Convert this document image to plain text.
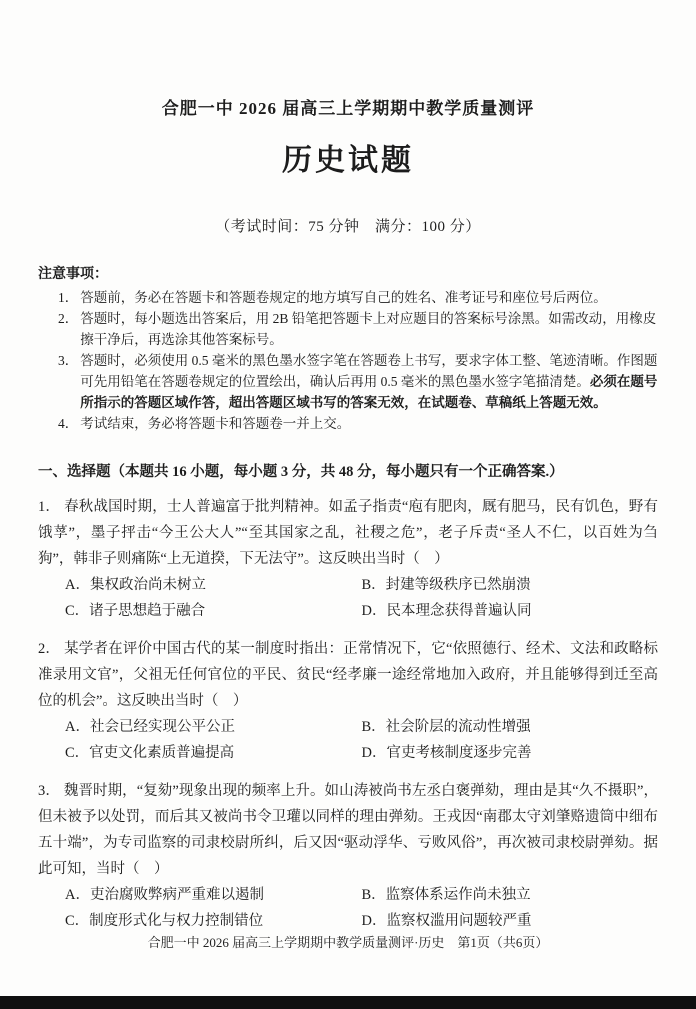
合肥一中 2026 届高三上学期期中教学质量测评
历史试题

（考试时间：75 分钟　满分：100 分）

注意事项：

1． 答题前，务必在答题卡和答题卷规定的地方填写自己的姓名、准考证号和座位号后两位。
2． 答题时，每小题选出答案后，用 2B 铅笔把答题卡上对应题目的答案标号涂黑。如需改动，用橡皮擦干净后，再选涂其他答案标号。
3． 答题时，必须使用 0.5 毫米的黑色墨水签字笔在答题卷上书写，要求字体工整、笔迹清晰。作图题可先用铅笔在答题卷规定的位置绘出，确认后再用 0.5 毫米的黑色墨水签字笔描清楚。必须在题号所指示的答题区域作答，超出答题区域书写的答案无效，在试题卷、草稿纸上答题无效。
4． 考试结束，务必将答题卡和答题卷一并上交。

一、选择题（本题共 16 小题，每小题 3 分，共 48 分，每小题只有一个正确答案.）

1． 春秋战国时期，士人普遍富于批判精神。如孟子指责“庖有肥肉，厩有肥马，民有饥色，野有饿莩”，墨子抨击“今王公大人”“至其国家之乱，社稷之危”，老子斥责“圣人不仁，以百姓为刍狗”，韩非子则痛陈“上无道揆，下无法守”。这反映出当时（　）

A．集权政治尚未树立	B．封建等级秩序已然崩溃
C．诸子思想趋于融合	D．民本理念获得普遍认同

2． 某学者在评价中国古代的某一制度时指出：正常情况下，它“依照德行、经术、文法和政略标准录用文官”，父祖无任何官位的平民、贫民“经孝廉一途经常地加入政府，并且能够得到迁至高位的机会”。这反映出当时（　）

A．社会已经实现公平公正	B．社会阶层的流动性增强
C．官吏文化素质普遍提高	D．官吏考核制度逐步完善

3． 魏晋时期，“复劾”现象出现的频率上升。如山涛被尚书左丞白褒弹劾，理由是其“久不摄职”，但未被予以处罚，而后其又被尚书令卫瓘以同样的理由弹劾。王戎因“南郡太守刘肇赂遗筒中细布五十端”，为专司监察的司隶校尉所纠，后又因“驱动浮华、亏败风俗”，再次被司隶校尉弹劾。据此可知，当时（　）

A．吏治腐败弊病严重难以遏制	B．监察体系运作尚未独立
C．制度形式化与权力控制错位	D．监察权滥用问题较严重

合肥一中 2026 届高三上学期期中教学质量测评·历史　第1页（共6页）
